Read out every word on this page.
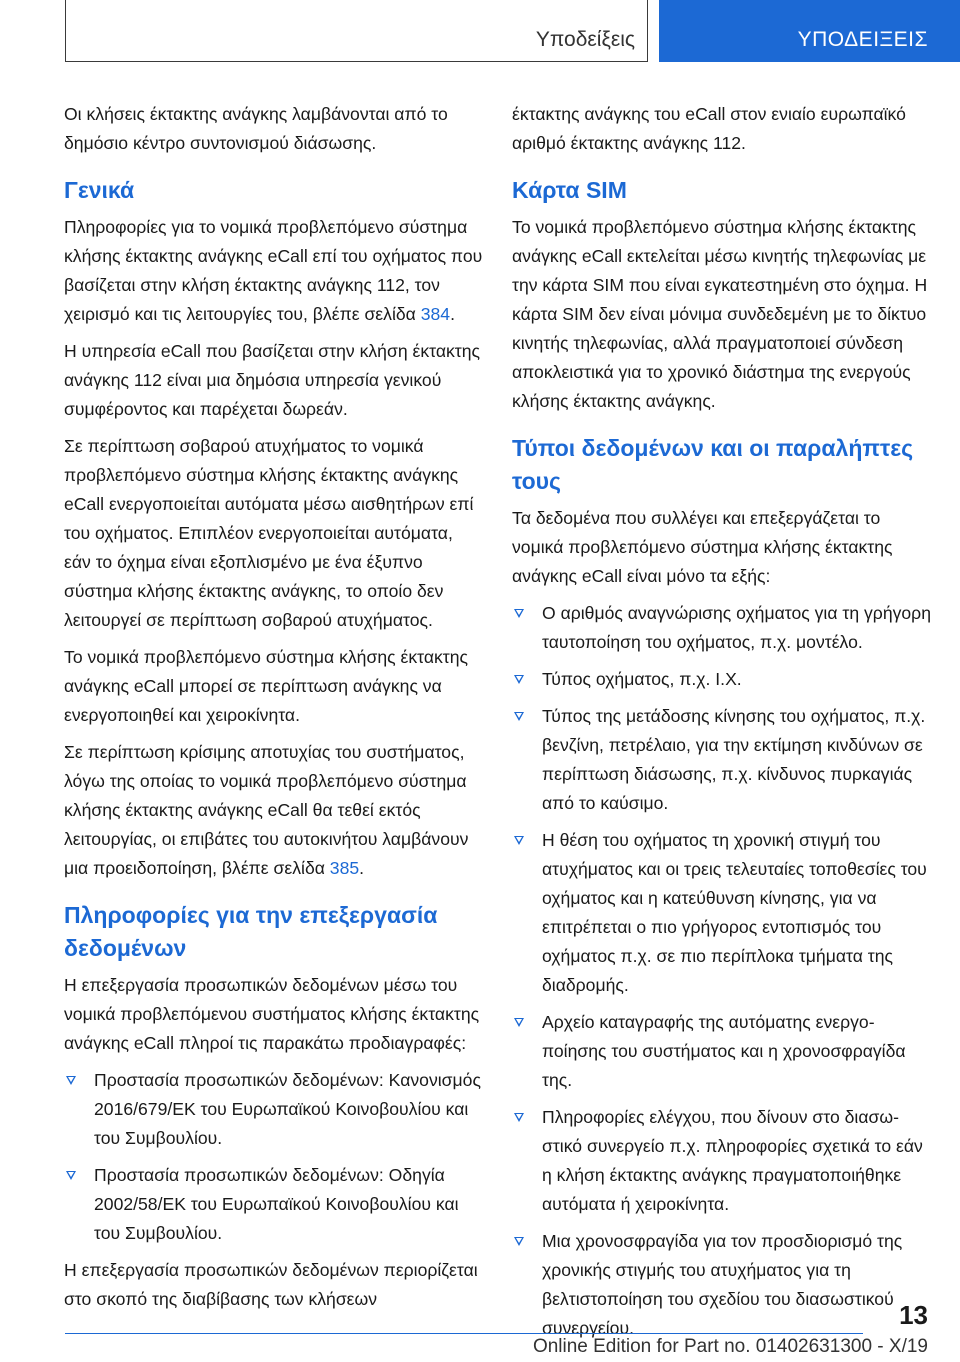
Υποδείξεις	ΥΠΟΔΕΙΞΕΙΣ

Οι κλήσεις έκτακτης ανάγκης λαμβάνονται από το δημόσιο κέντρο συντονισμού διάσωσης.

Γενικά

Πληροφορίες για το νομικά προβλεπόμενο σύστημα κλήσης έκτακτης ανάγκης eCall επί του οχήματος που βασίζεται στην κλήση έκτακτης ανάγκης 112, τον χειρισμό και τις λειτουργίες του, βλέπε σελίδα 384.

Η υπηρεσία eCall που βασίζεται στην κλήση έκτακτης ανάγκης 112 είναι μια δημόσια υπηρεσία γενικού συμφέροντος και παρέχεται δωρεάν.

Σε περίπτωση σοβαρού ατυχήματος το νομικά προβλεπόμενο σύστημα κλήσης έκτακτης ανάγκης eCall ενεργοποιείται αυτόματα μέσω αισθητήρων επί του οχήματος. Επιπλέον ενεργοποιείται αυτόματα, εάν το όχημα είναι εξοπλισμένο με ένα έξυπνο σύστημα κλήσης έκτακτης ανάγκης, το οποίο δεν λειτουργεί σε περίπτωση σοβαρού ατυχήματος.

Το νομικά προβλεπόμενο σύστημα κλήσης έκτακτης ανάγκης eCall μπορεί σε περίπτωση ανάγκης να ενεργοποιηθεί και χειροκίνητα.

Σε περίπτωση κρίσιμης αποτυχίας του συστήματος, λόγω της οποίας το νομικά προβλεπόμενο σύστημα κλήσης έκτακτης ανάγκης eCall θα τεθεί εκτός λειτουργίας, οι επιβάτες του αυτοκινήτου λαμβάνουν μια προειδοποίηση, βλέπε σελίδα 385.

Πληροφορίες για την επεξεργασία δεδομένων

Η επεξεργασία προσωπικών δεδομένων μέσω του νομικά προβλεπόμενου συστήματος κλήσης έκτακτης ανάγκης eCall πληροί τις παρακάτω προδιαγραφές:

Προστασία προσωπικών δεδομένων: Κανονισμός 2016/679/ΕΚ του Ευρωπαϊκού Κοινοβουλίου και του Συμβουλίου.
Προστασία προσωπικών δεδομένων: Οδηγία 2002/58/ΕΚ του Ευρωπαϊκού Κοινοβουλίου και του Συμβουλίου.

Η επεξεργασία προσωπικών δεδομένων περιορίζεται στο σκοπό της διαβίβασης των κλήσεων

έκτακτης ανάγκης του eCall στον ενιαίο ευρωπαϊκό αριθμό έκτακτης ανάγκης 112.

Κάρτα SIM

Το νομικά προβλεπόμενο σύστημα κλήσης έκτακτης ανάγκης eCall εκτελείται μέσω κινητής τηλεφωνίας με την κάρτα SIM που είναι εγκατεστημένη στο όχημα. Η κάρτα SIM δεν είναι μόνιμα συνδεδεμένη με το δίκτυο κινητής τηλεφωνίας, αλλά πραγματοποιεί σύνδεση αποκλειστικά για το χρονικό διάστημα της ενεργούς κλήσης έκτακτης ανάγκης.

Τύποι δεδομένων και οι παραλήπτες τους

Τα δεδομένα που συλλέγει και επεξεργάζεται το νομικά προβλεπόμενο σύστημα κλήσης έκτακτης ανάγκης eCall είναι μόνο τα εξής:

Ο αριθμός αναγνώρισης οχήματος για τη γρήγορη ταυτοποίηση του οχήματος, π.χ. μοντέλο.
Τύπος οχήματος, π.χ. Ι.Χ.
Τύπος της μετάδοσης κίνησης του οχήματος, π.χ. βενζίνη, πετρέλαιο, για την εκτίμηση κινδύνων σε περίπτωση διάσωσης, π.χ. κίνδυνος πυρκαγιάς από το καύσιμο.
Η θέση του οχήματος τη χρονική στιγμή του ατυχήματος και οι τρεις τελευταίες τοποθεσίες του οχήματος και η κατεύθυνση κίνησης, για να επιτρέπεται ο πιο γρήγορος εντοπισμός του οχήματος π.χ. σε πιο περίπλοκα τμήματα της διαδρομής.
Αρχείο καταγραφής της αυτόματης ενεργοποίησης του συστήματος και η χρονοσφραγίδα της.
Πληροφορίες ελέγχου, που δίνουν στο διασωστικό συνεργείο π.χ. πληροφορίες σχετικά το εάν η κλήση έκτακτης ανάγκης πραγματοποιήθηκε αυτόματα ή χειροκίνητα.
Μια χρονοσφραγίδα για τον προσδιορισμό της χρονικής στιγμής του ατυχήματος για τη βελτιστοποίηση του σχεδίου του διασωστικού συνεργείου.	13
Online Edition for Part no. 01402631300 - X/19
